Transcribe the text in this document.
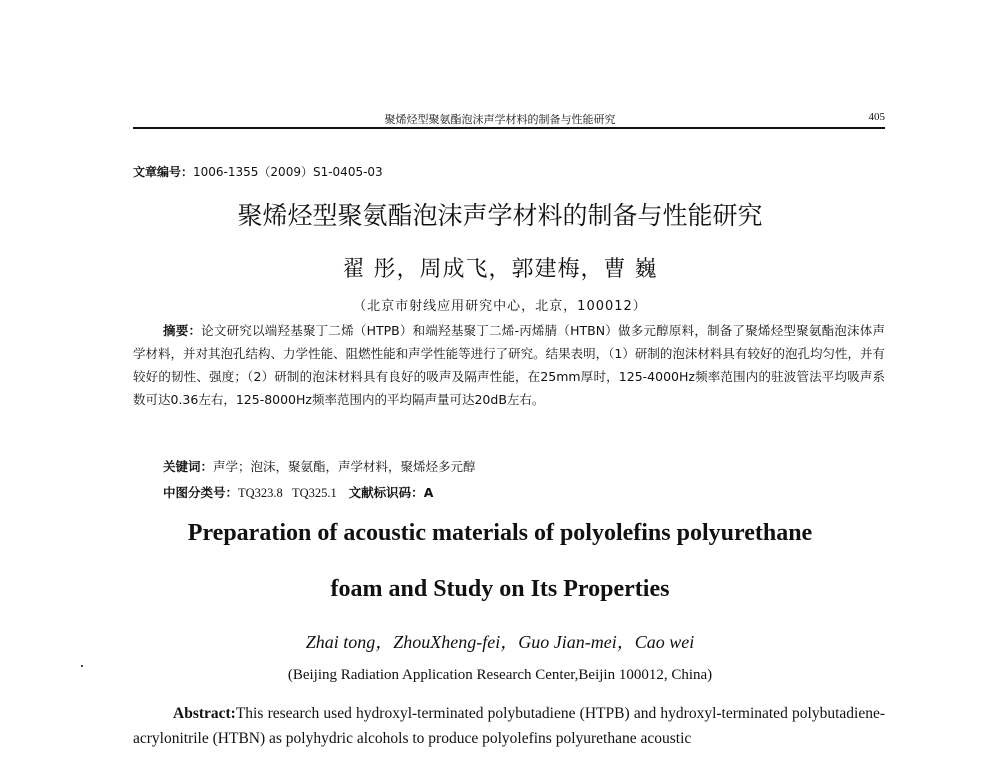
聚烯烃型聚氨酯泡沫声学材料的制备与性能研究	405
文章编号：1006-1355（2009）S1-0405-03
聚烯烃型聚氨酯泡沫声学材料的制备与性能研究
翟 彤，周成飞，郭建梅，曹 巍
（北京市射线应用研究中心，北京，100012）
摘要：论文研究以端羟基聚丁二烯（HTPB）和端羟基聚丁二烯-丙烯腈（HTBN）做多元醇原料，制备了聚烯烃型聚氨酯泡沫体声学材料，并对其泡孔结构、力学性能、阻燃性能和声学性能等进行了研究。结果表明，（1）研制的泡沫材料具有较好的泡孔均匀性，并有较好的韧性、强度；（2）研制的泡沫材料具有良好的吸声及隔声性能，在25mm厚时，125-4000Hz频率范围内的驻波管法平均吸声系数可达0.36左右，125-8000Hz频率范围内的平均隔声量可达20dB左右。
关键词：声学；泡沫，聚氨酯，声学材料，聚烯烃多元醇
中图分类号：TQ323.8   TQ325.1 文献标识码：A
Preparation of acoustic materials of polyolefins polyurethane
foam and Study on Its Properties
Zhai tong，ZhouXheng-fei，Guo Jian-mei，Cao wei
(Beijing Radiation Application Research Center,Beijin 100012, China)
Abstract:This research used hydroxyl-terminated polybutadiene (HTPB) and hydroxyl-terminated polybutadiene-acrylonitrile (HTBN) as polyhydric alcohols to produce polyolefins polyurethane acoustic
